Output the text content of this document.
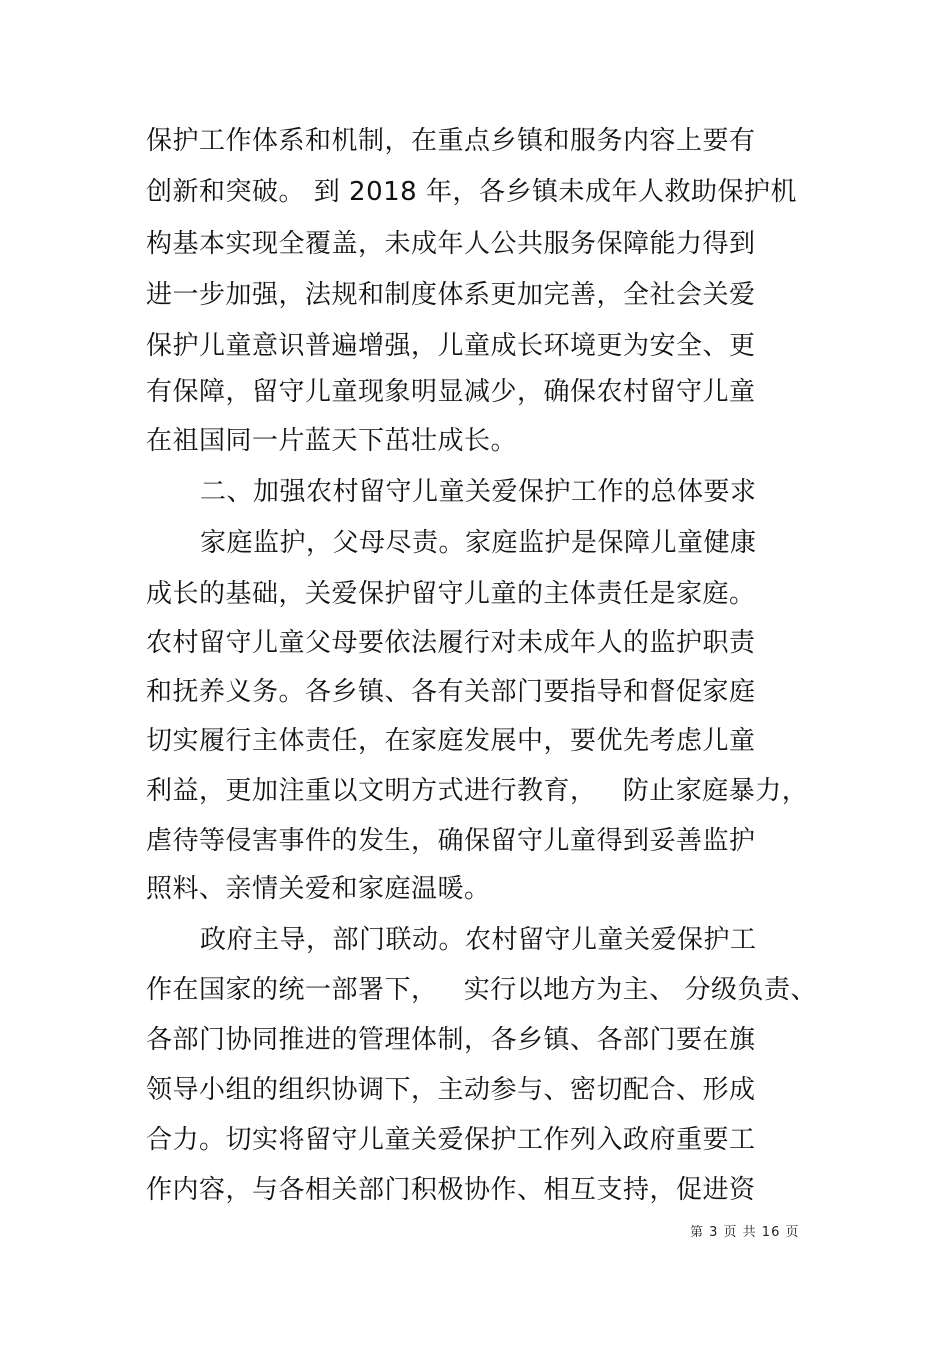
保护工作体系和机制，在重点乡镇和服务内容上要有
创新和突破。 到 2018 年，各乡镇未成年人救助保护机
构基本实现全覆盖，未成年人公共服务保障能力得到
进一步加强，法规和制度体系更加完善，全社会关爱
保护儿童意识普遍增强，儿童成长环境更为安全、更
有保障，留守儿童现象明显减少，确保农村留守儿童
在祖国同一片蓝天下茁壮成长。
二、加强农村留守儿童关爱保护工作的总体要求
家庭监护，父母尽责。家庭监护是保障儿童健康
成长的基础，关爱保护留守儿童的主体责任是家庭。
农村留守儿童父母要依法履行对未成年人的监护职责
和抚养义务。各乡镇、各有关部门要指导和督促家庭
切实履行主体责任，在家庭发展中，要优先考虑儿童
利益，更加注重以文明方式进行教育，   防止家庭暴力，
虐待等侵害事件的发生，确保留守儿童得到妥善监护
照料、亲情关爱和家庭温暖。
政府主导，部门联动。农村留守儿童关爱保护工
作在国家的统一部署下，   实行以地方为主、 分级负责、
各部门协同推进的管理体制，各乡镇、各部门要在旗
领导小组的组织协调下，主动参与、密切配合、形成
合力。切实将留守儿童关爱保护工作列入政府重要工
作内容，与各相关部门积极协作、相互支持，促进资
第 3 页 共 16 页
